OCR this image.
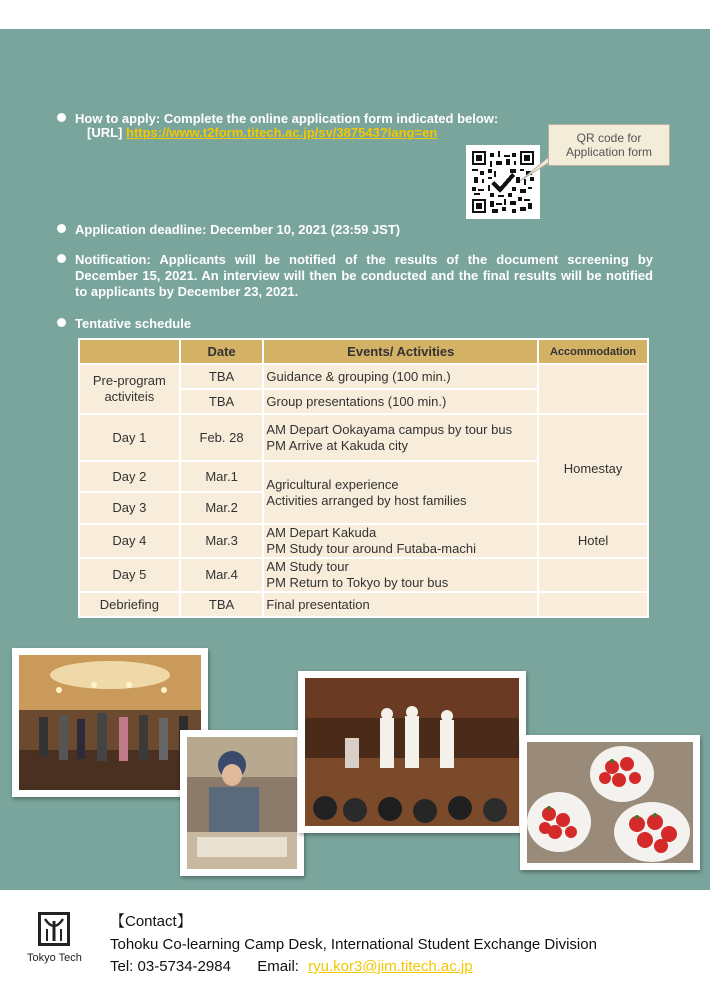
How to apply: Complete the online application form indicated below:
[URL] https://www.t2form.titech.ac.jp/sv/387543?lang=en	QR code for
Application form
Application deadline: December 10, 2021 (23:59 JST)
Notification: Applicants will be notified of the results of the document screening by December 15, 2021. An interview will then be conducted and the final results will be notified to applicants by December 23, 2021.
Tentative schedule
	Date	Events/ Activities	Accommodation
Pre-program activiteis	TBA	Guidance & grouping (100 min.)	
	TBA	Group presentations (100 min.)	
Day 1	Feb. 28	AM Depart Ookayama campus by tour bus
PM Arrive at Kakuda city	Homestay
Day 2	Mar.1	Agricultural experience
Activities arranged by host families	

Day 3	Mar.2		
Day 4	Mar.3	AM Depart Kakuda
PM Study tour around Futaba-machi	Hotel
Day 5	Mar.4	AM Study tour
PM Return to Tokyo by tour bus	

Debriefing	TBA	Final presentation	
Tokyo Tech
【Contact】
Tohoku Co-learning Camp Desk, International Student Exchange Division
Tel: 03-5734-2984 Email: ryu.kor3@jim.titech.ac.jp
